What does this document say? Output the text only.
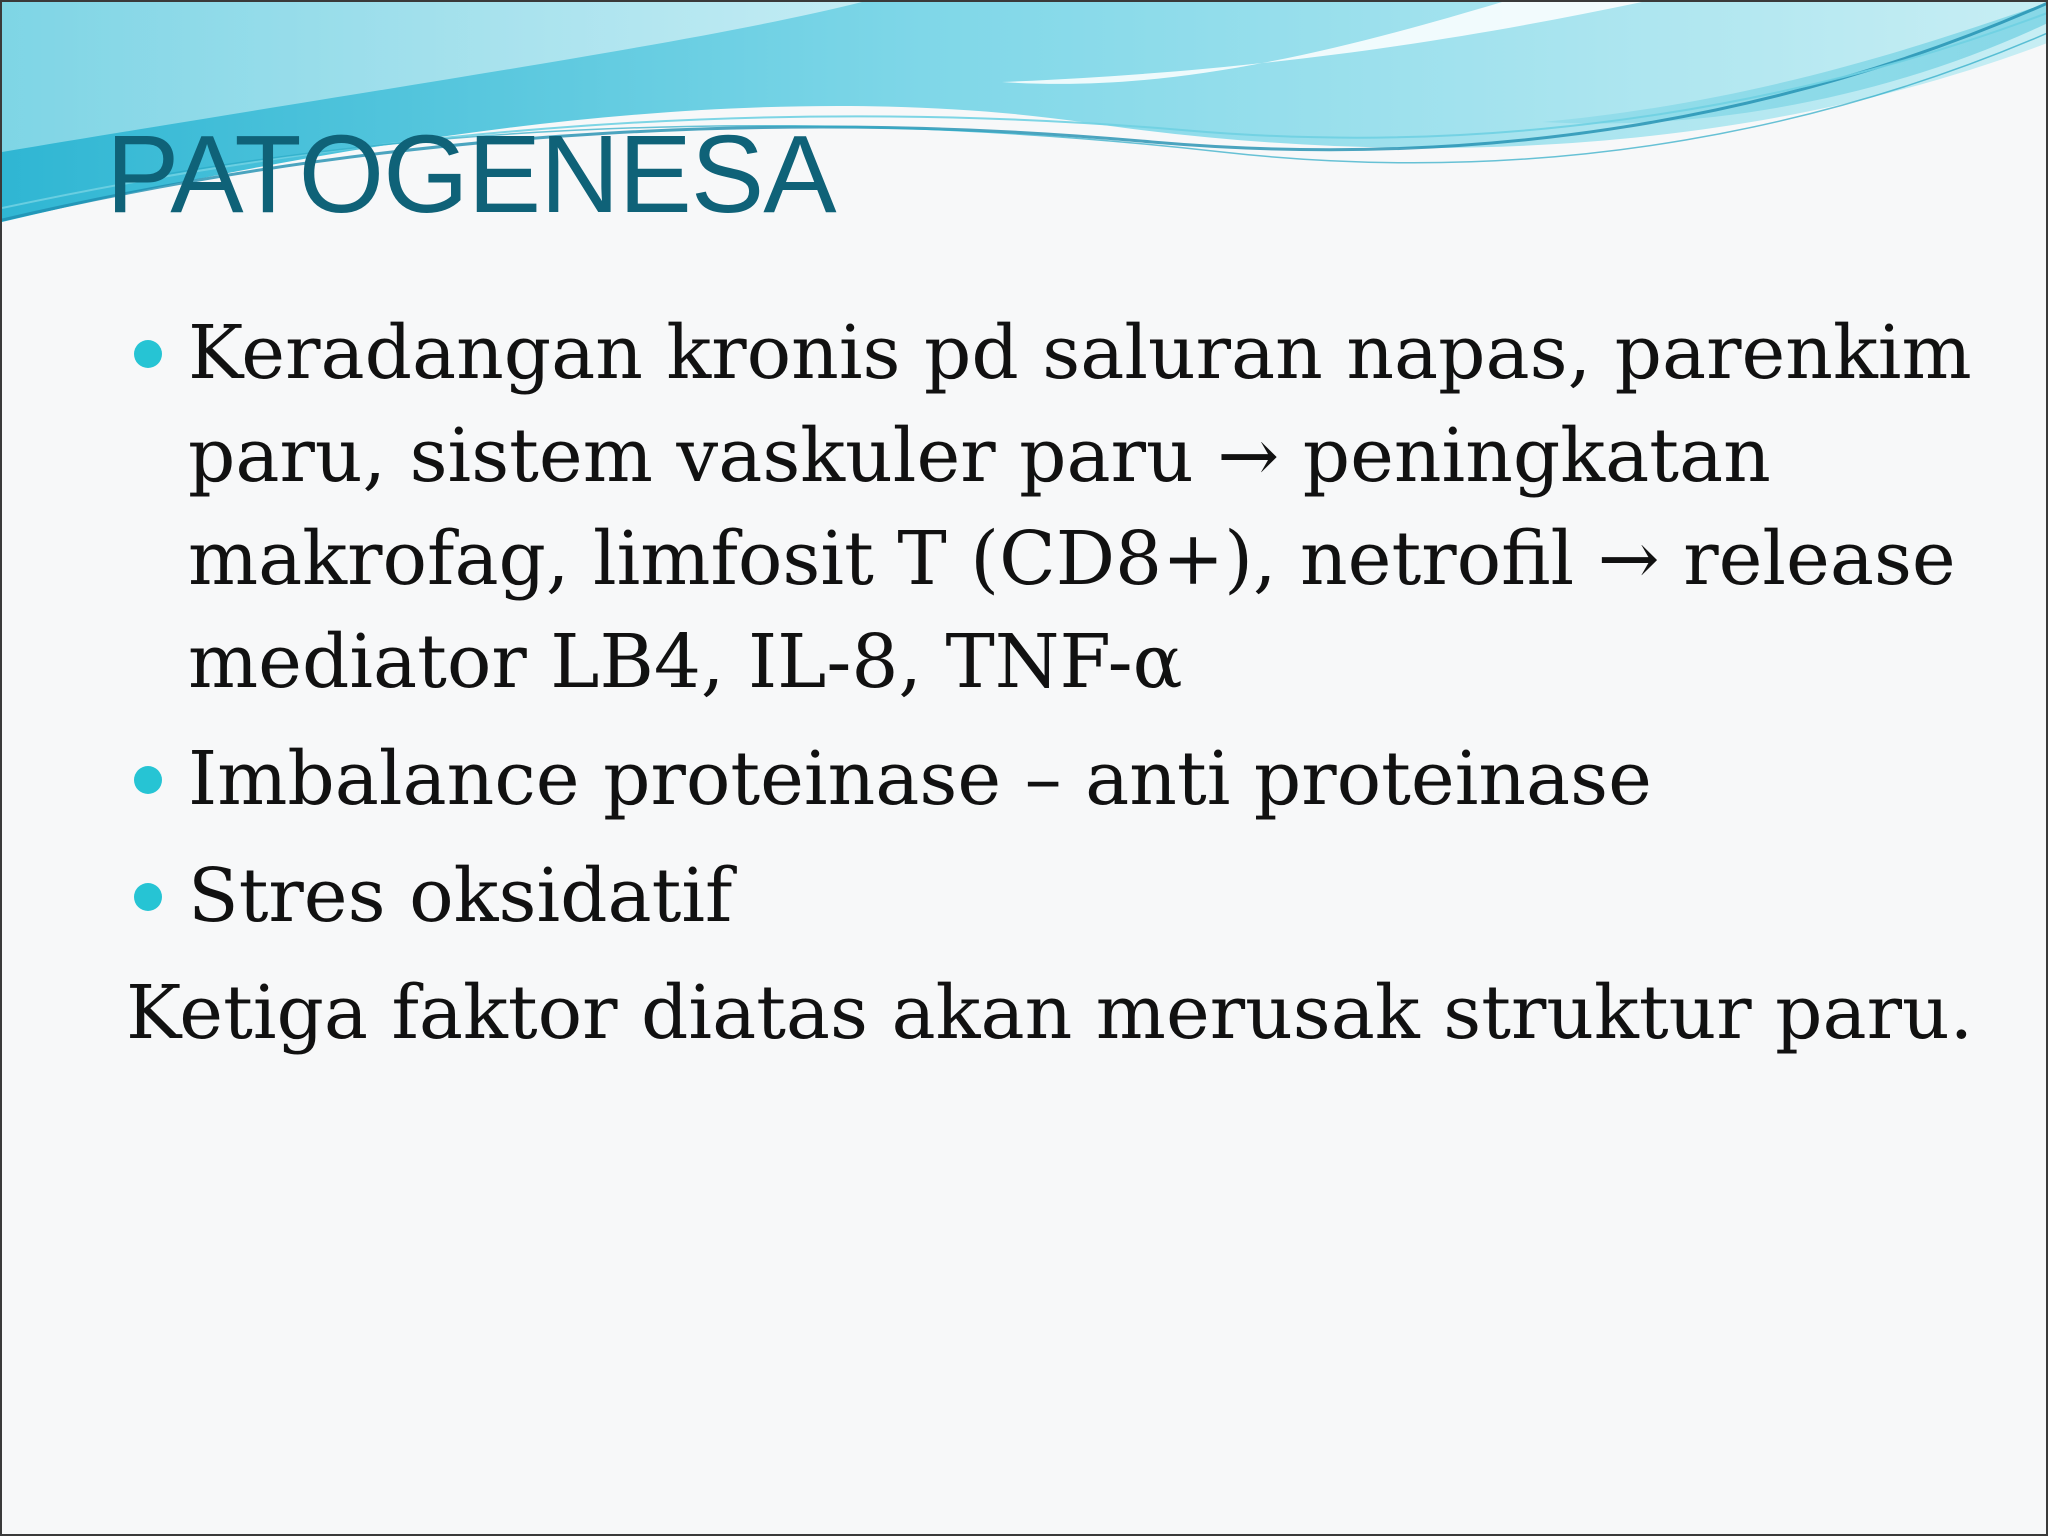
PATOGENESA
Keradangan kronis pd saluran napas, parenkim paru, sistem vaskuler paru → peningkatan makrofag, limfosit T (CD8+), netrofil → release mediator LB4, IL-8, TNF-α
Imbalance proteinase – anti proteinase
Stres oksidatif

Ketiga faktor diatas akan merusak struktur paru.
